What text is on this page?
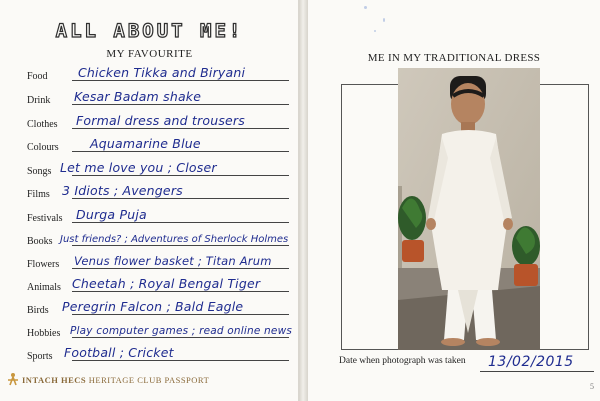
ALL ABOUT ME!
MY FAVOURITE
Food Chicken Tikka and Biryani
Drink Kesar Badam shake
Clothes Formal dress and trousers
Colours	Aquamarine Blue
Songs Let me love you ; Closer
Films 3 Idiots ; Avengers
Festivals Durga Puja
Books Just friends? ; Adventures of Sherlock Holmes
Flowers Venus flower basket ; Titan Arum
Animals Cheetah ; Royal Bengal Tiger
Birds Peregrin Falcon ; Bald Eagle
Hobbies Play computer games ; read online news
Sports Football ; Cricket
INTACH HECS HERITAGE CLUB PASSPORT
ME IN MY TRADITIONAL DRESS
Date when photograph was taken 13/02/2015
5
